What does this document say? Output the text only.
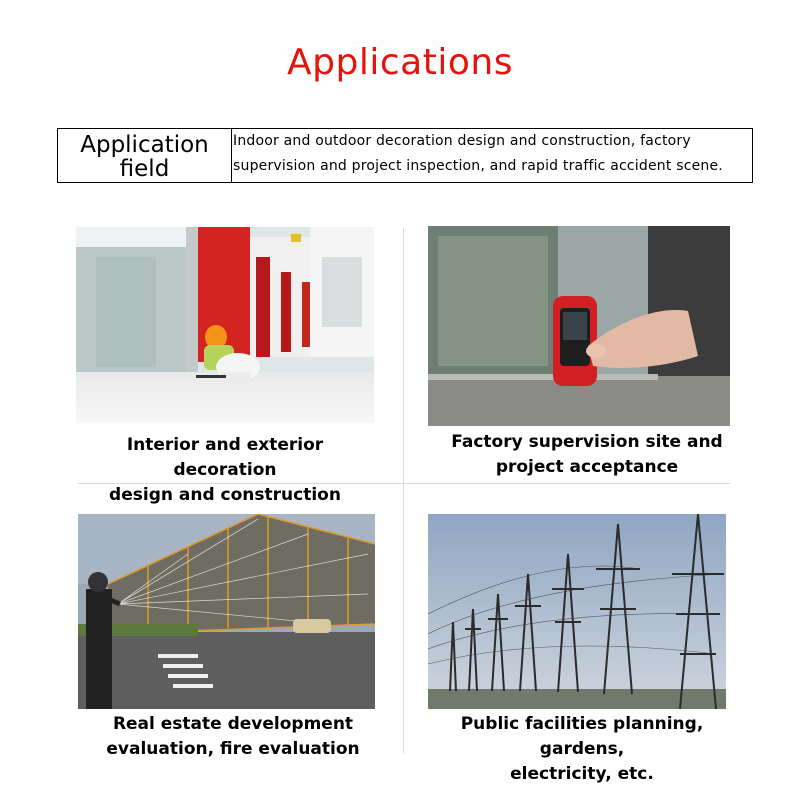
Applications
Application
field
Indoor and outdoor decoration design and construction, factory
supervision and project inspection, and rapid traffic accident scene.
Interior and exterior decoration
design and construction
Factory supervision site and
project acceptance
Real estate development
evaluation, fire evaluation
Public facilities planning, gardens,
electricity, etc.
